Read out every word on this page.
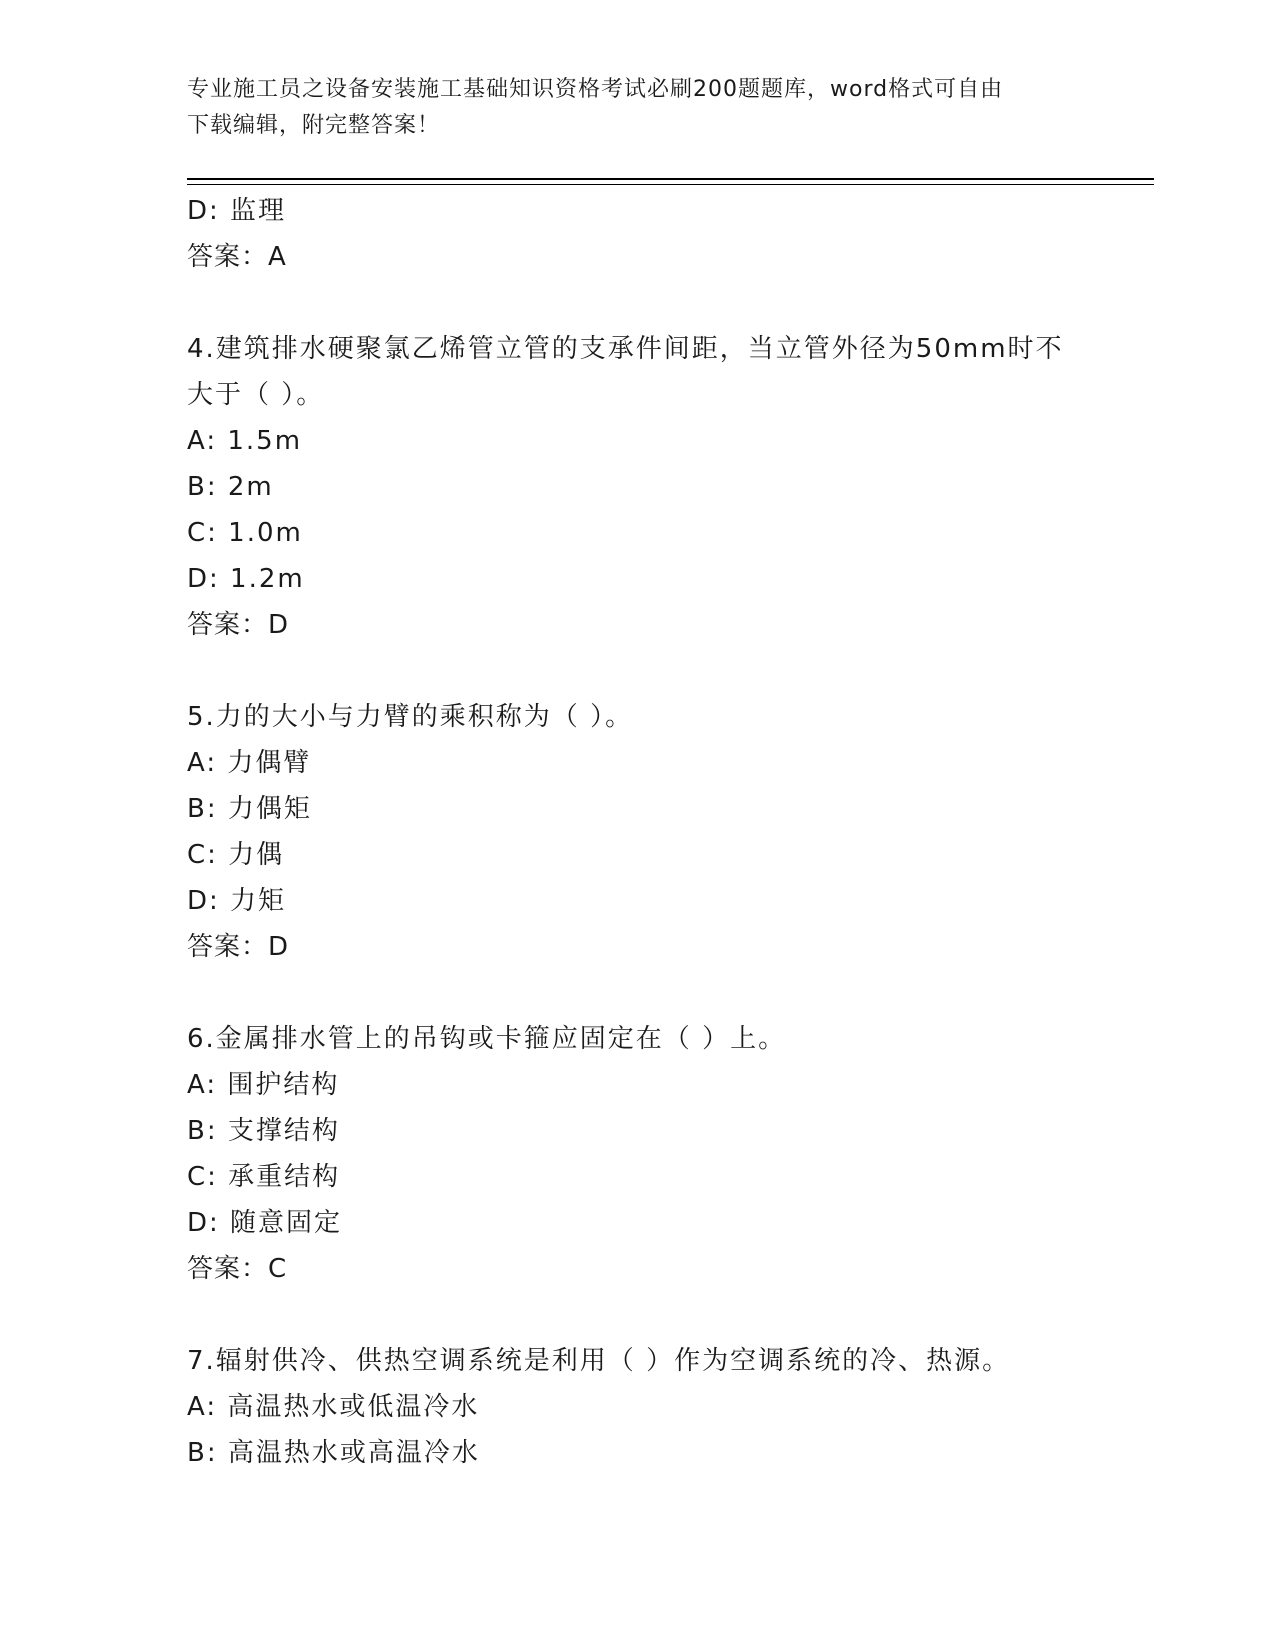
专业施工员之设备安装施工基础知识资格考试必刷200题题库，word格式可自由
下载编辑，附完整答案！
D: 监理
答案：A
4.建筑排水硬聚氯乙烯管立管的支承件间距，当立管外径为50mm时不
大于（ ）。
A: 1.5m
B: 2m
C: 1.0m
D: 1.2m
答案：D
5.力的大小与力臂的乘积称为（ ）。
A: 力偶臂
B: 力偶矩
C: 力偶
D: 力矩
答案：D
6.金属排水管上的吊钩或卡箍应固定在（ ）上。
A: 围护结构
B: 支撑结构
C: 承重结构
D: 随意固定
答案：C
7.辐射供冷、供热空调系统是利用（ ）作为空调系统的冷、热源。
A: 高温热水或低温冷水
B: 高温热水或高温冷水
